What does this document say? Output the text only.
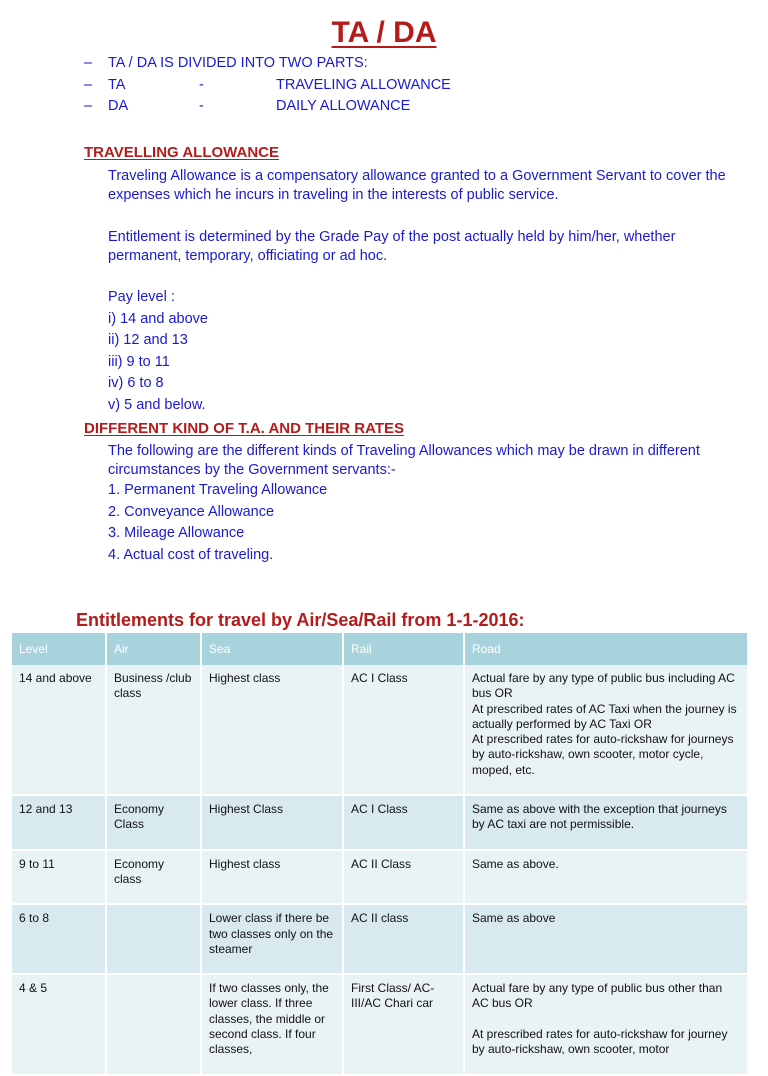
TA / DA
– TA / DA IS DIVIDED INTO TWO PARTS:
– TA	-	TRAVELING ALLOWANCE
– DA	-	DAILY ALLOWANCE
TRAVELLING ALLOWANCE
Traveling Allowance is a compensatory allowance granted to a Government Servant to cover the expenses which he incurs in traveling in the interests of public service.
Entitlement is determined by the Grade Pay of the post actually held by him/her, whether permanent, temporary, officiating or ad hoc.
Pay level :
i) 14 and above
ii) 12 and 13
iii) 9 to 11
iv) 6 to 8
v) 5 and below.
DIFFERENT KIND OF T.A. AND THEIR RATES
The following are the different kinds of Traveling Allowances which may be drawn in different circumstances by the Government servants:-
1. Permanent Traveling Allowance
2. Conveyance Allowance
3. Mileage Allowance
4. Actual cost of traveling.
Entitlements for travel by Air/Sea/Rail from 1-1-2016:
Level	Air	Sea	Rail	Road
14 and above	Business /club class	Highest class	AC I Class	Actual fare by any type of public bus including AC bus OR
At prescribed rates of AC Taxi when the journey is actually performed by AC Taxi OR
At prescribed rates for auto-rickshaw for journeys by auto-rickshaw, own scooter, motor cycle, moped, etc.
12 and 13	Economy Class	Highest Class	AC I Class	Same as above with the exception that journeys by AC taxi are not permissible.
9 to 11	Economy class	Highest class	AC II Class	Same as above.
6 to 8		Lower class if there be two classes only on the steamer	AC II class	Same as above
4 & 5		If two classes only, the lower class. If three classes, the middle or second class. If four classes,	First Class/ AC-III/AC Chari car	Actual fare by any type of public bus other than AC bus OR

At prescribed rates for auto-rickshaw for journey by auto-rickshaw, own scooter, motor
